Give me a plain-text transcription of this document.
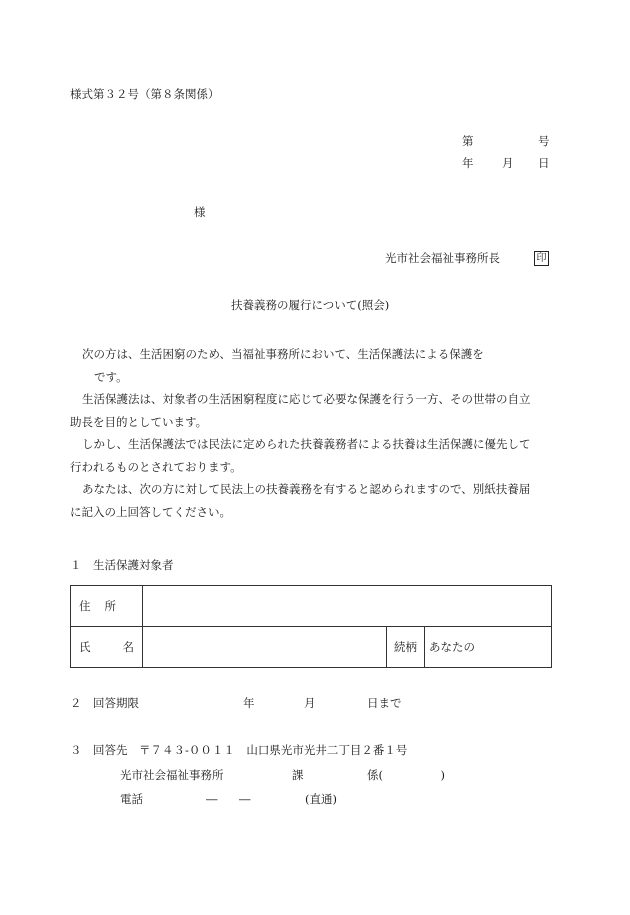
様式第３２号（第８条関係）
第	号
年 月 日
様
光市社会福祉事務所長	印
扶養義務の履行について(照会)

次の方は、生活困窮のため、当福祉事務所において、生活保護法による保護を

です。

生活保護法は、対象者の生活困窮程度に応じて必要な保護を行う一方、その世帯の自立

助長を目的としています。

しかし、生活保護法では民法に定められた扶養義務者による扶養は生活保護に優先して

行われるものとされております。

あなたは、次の方に対して民法上の扶養義務を有すると認められますので、別紙扶養届

に記入の上回答してください。

１　生活保護対象者
住 所			

氏 名		続柄	あなたの
２　回答期限	年	月	日まで
３　回答先　〒７４３-００１１　山口県光市光井二丁目２番１号
光市社会福祉事務所	課	係(　　　　　)
電話	― ―	(直通)
